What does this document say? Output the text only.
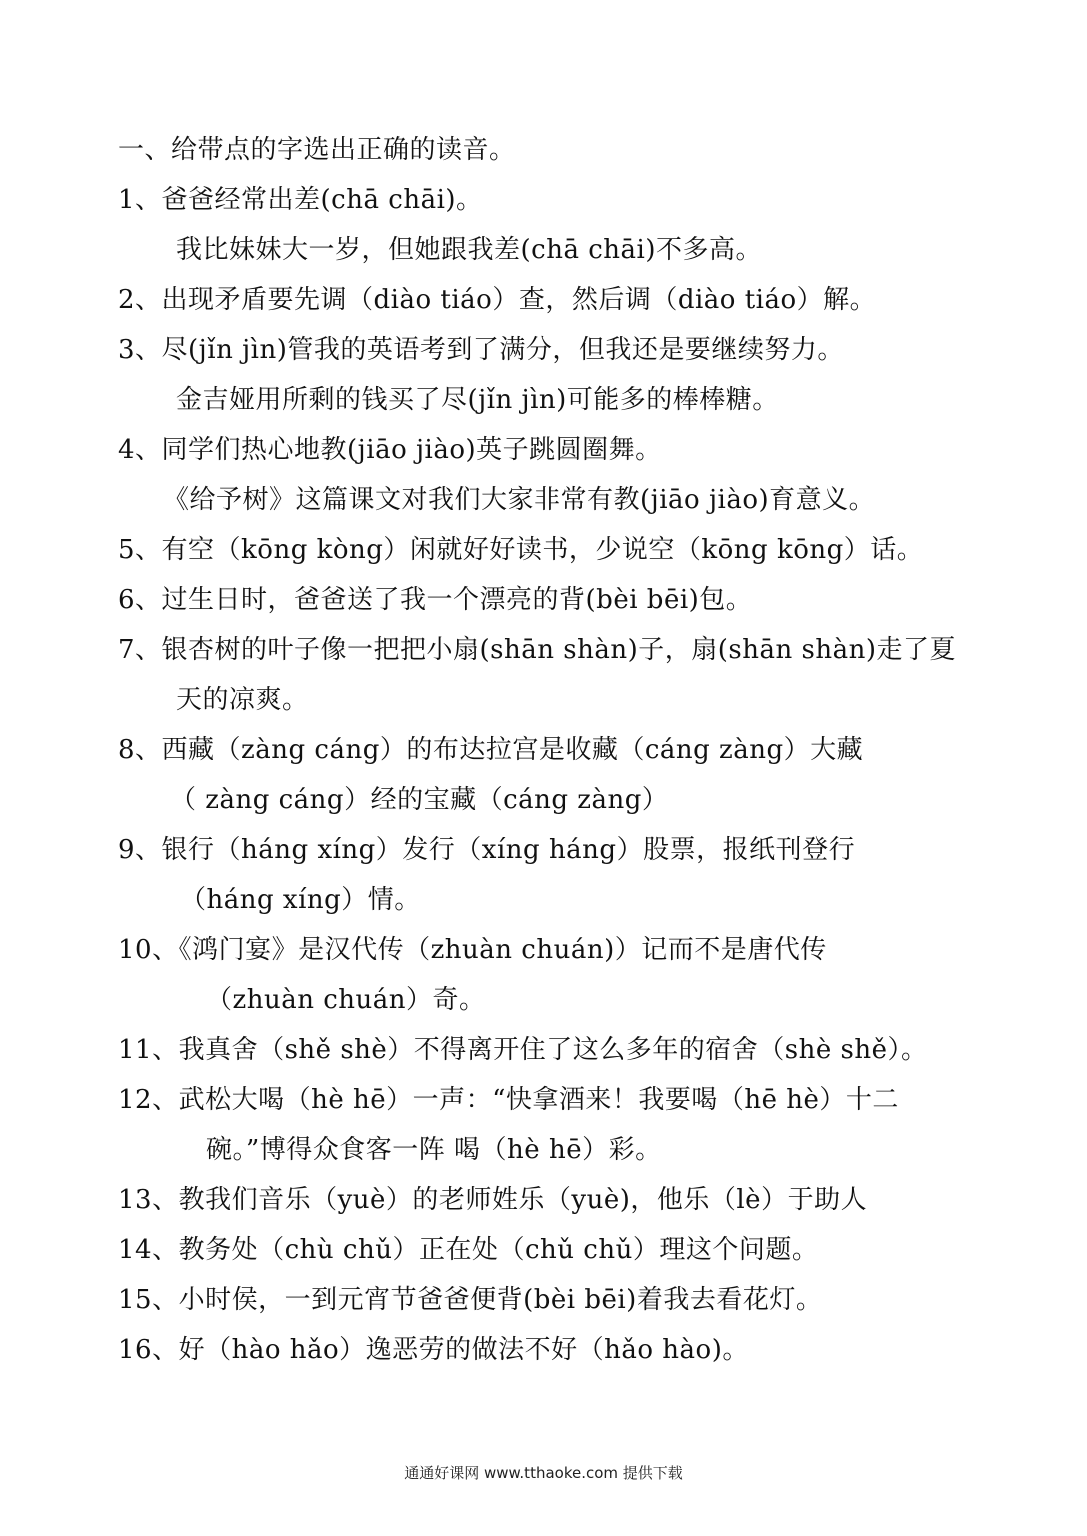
一、给带点的字选出正确的读音。
1、爸爸经常出差(chā chāi)。
我比妹妹大一岁，但她跟我差(chā chāi)不多高。
2、出现矛盾要先调（diào tiáo）查，然后调（diào tiáo）解。
3、尽(jǐn jìn)管我的英语考到了满分，但我还是要继续努力。
金吉娅用所剩的钱买了尽(jǐn jìn)可能多的棒棒糖。
4、同学们热心地教(jiāo jiào)英子跳圆圈舞。
《给予树》这篇课文对我们大家非常有教(jiāo jiào)育意义。
5、有空（kōng kòng）闲就好好读书，少说空（kōng kōng）话。
6、过生日时，爸爸送了我一个漂亮的背(bèi bēi)包。
7、银杏树的叶子像一把把小扇(shān shàn)子，扇(shān shàn)走了夏
天的凉爽。
8、西藏（zàng cáng）的布达拉宫是收藏（cáng zàng）大藏
（ zàng cáng）经的宝藏（cáng zàng）
9、银行（háng xíng）发行（xíng háng）股票，报纸刊登行
（háng xíng）情。
10、《鸿门宴》是汉代传（zhuàn chuán)）记而不是唐代传
（zhuàn chuán）奇。
11、我真舍（shě shè）不得离开住了这么多年的宿舍（shè shě）。
12、武松大喝（hè hē）一声：“快拿酒来！我要喝（hē hè）十二
碗。”博得众食客一阵 喝（hè hē）彩。
13、教我们音乐（yuè）的老师姓乐（yuè)，他乐（lè）于助人
14、教务处（chù chǔ）正在处（chǔ chǔ）理这个问题。
15、小时侯，一到元宵节爸爸便背(bèi bēi)着我去看花灯。
16、好（hào hǎo）逸恶劳的做法不好（hǎo hào)。
通通好课网 www.tthaoke.com 提供下载
